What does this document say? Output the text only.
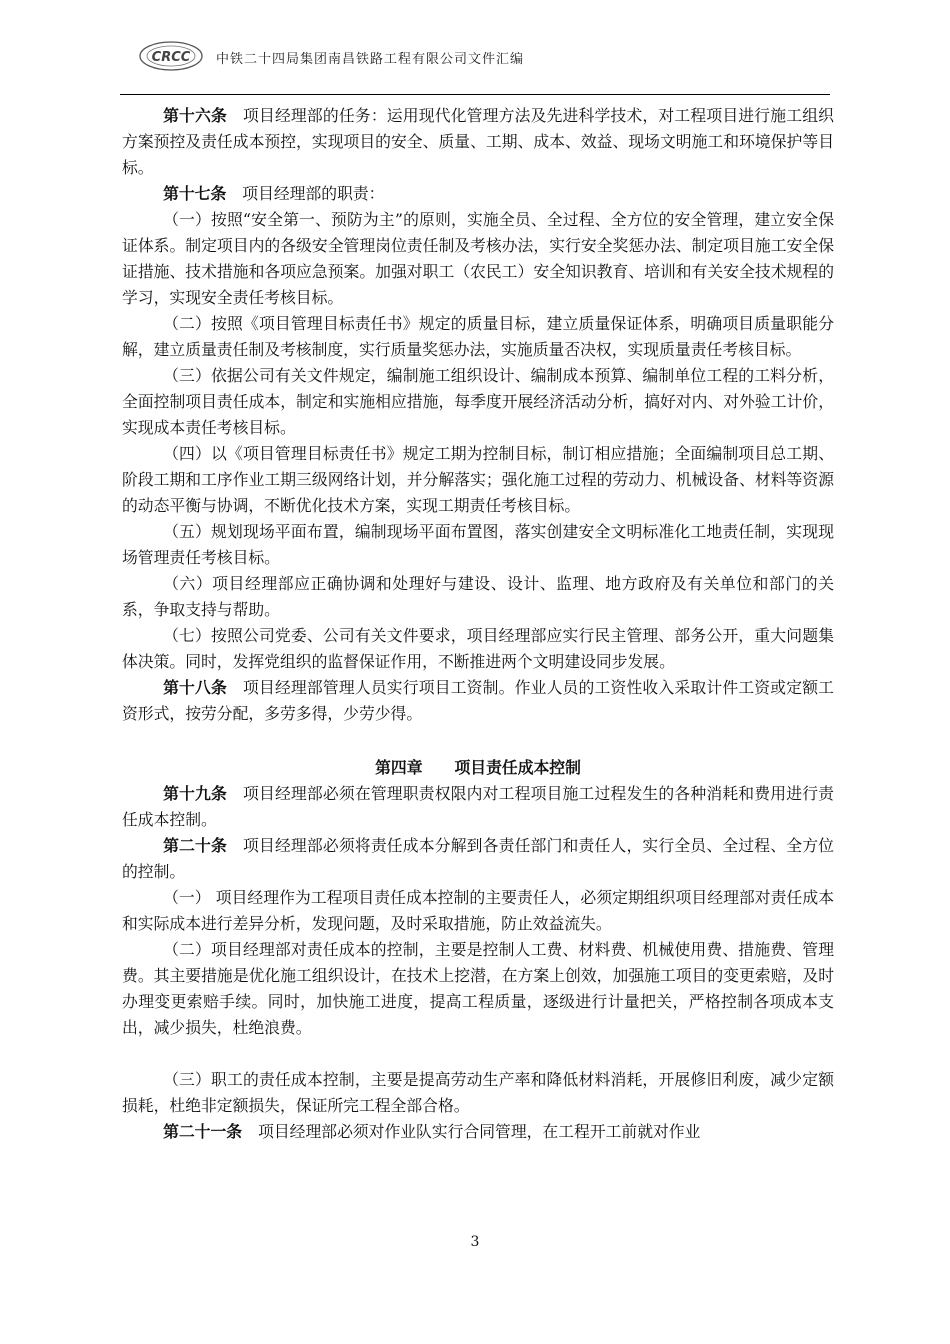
CRCC 中铁二十四局集团南昌铁路工程有限公司文件汇编

第十六条 项目经理部的任务：运用现代化管理方法及先进科学技术，对工程项目进行施工组织方案预控及责任成本预控，实现项目的安全、质量、工期、成本、效益、现场文明施工和环境保护等目标。

第十七条 项目经理部的职责：

（一）按照“安全第一、预防为主”的原则，实施全员、全过程、全方位的安全管理，建立安全保证体系。制定项目内的各级安全管理岗位责任制及考核办法，实行安全奖惩办法、制定项目施工安全保证措施、技术措施和各项应急预案。加强对职工（农民工）安全知识教育、培训和有关安全技术规程的学习，实现安全责任考核目标。

（二）按照《项目管理目标责任书》规定的质量目标，建立质量保证体系，明确项目质量职能分解，建立质量责任制及考核制度，实行质量奖惩办法，实施质量否决权，实现质量责任考核目标。

（三）依据公司有关文件规定，编制施工组织设计、编制成本预算、编制单位工程的工料分析，全面控制项目责任成本，制定和实施相应措施，每季度开展经济活动分析，搞好对内、对外验工计价，实现成本责任考核目标。

（四）以《项目管理目标责任书》规定工期为控制目标，制订相应措施；全面编制项目总工期、阶段工期和工序作业工期三级网络计划，并分解落实；强化施工过程的劳动力、机械设备、材料等资源的动态平衡与协调，不断优化技术方案，实现工期责任考核目标。

（五）规划现场平面布置，编制现场平面布置图，落实创建安全文明标准化工地责任制，实现现场管理责任考核目标。

（六）项目经理部应正确协调和处理好与建设、设计、监理、地方政府及有关单位和部门的关系，争取支持与帮助。

（七）按照公司党委、公司有关文件要求，项目经理部应实行民主管理、部务公开，重大问题集体决策。同时，发挥党组织的监督保证作用，不断推进两个文明建设同步发展。

第十八条 项目经理部管理人员实行项目工资制。作业人员的工资性收入采取计件工资或定额工资形式，按劳分配，多劳多得，少劳少得。

第四章 项目责任成本控制

第十九条 项目经理部必须在管理职责权限内对工程项目施工过程发生的各种消耗和费用进行责任成本控制。

第二十条 项目经理部必须将责任成本分解到各责任部门和责任人，实行全员、全过程、全方位的控制。

（一） 项目经理作为工程项目责任成本控制的主要责任人，必须定期组织项目经理部对责任成本和实际成本进行差异分析，发现问题，及时采取措施，防止效益流失。

（二）项目经理部对责任成本的控制，主要是控制人工费、材料费、机械使用费、措施费、管理费。其主要措施是优化施工组织设计，在技术上挖潜，在方案上创效，加强施工项目的变更索赔，及时办理变更索赔手续。同时，加快施工进度，提高工程质量，逐级进行计量把关，严格控制各项成本支出，减少损失，杜绝浪费。

（三）职工的责任成本控制，主要是提高劳动生产率和降低材料消耗，开展修旧利废，减少定额损耗，杜绝非定额损失，保证所完工程全部合格。

第二十一条 项目经理部必须对作业队实行合同管理，在工程开工前就对作业

3
